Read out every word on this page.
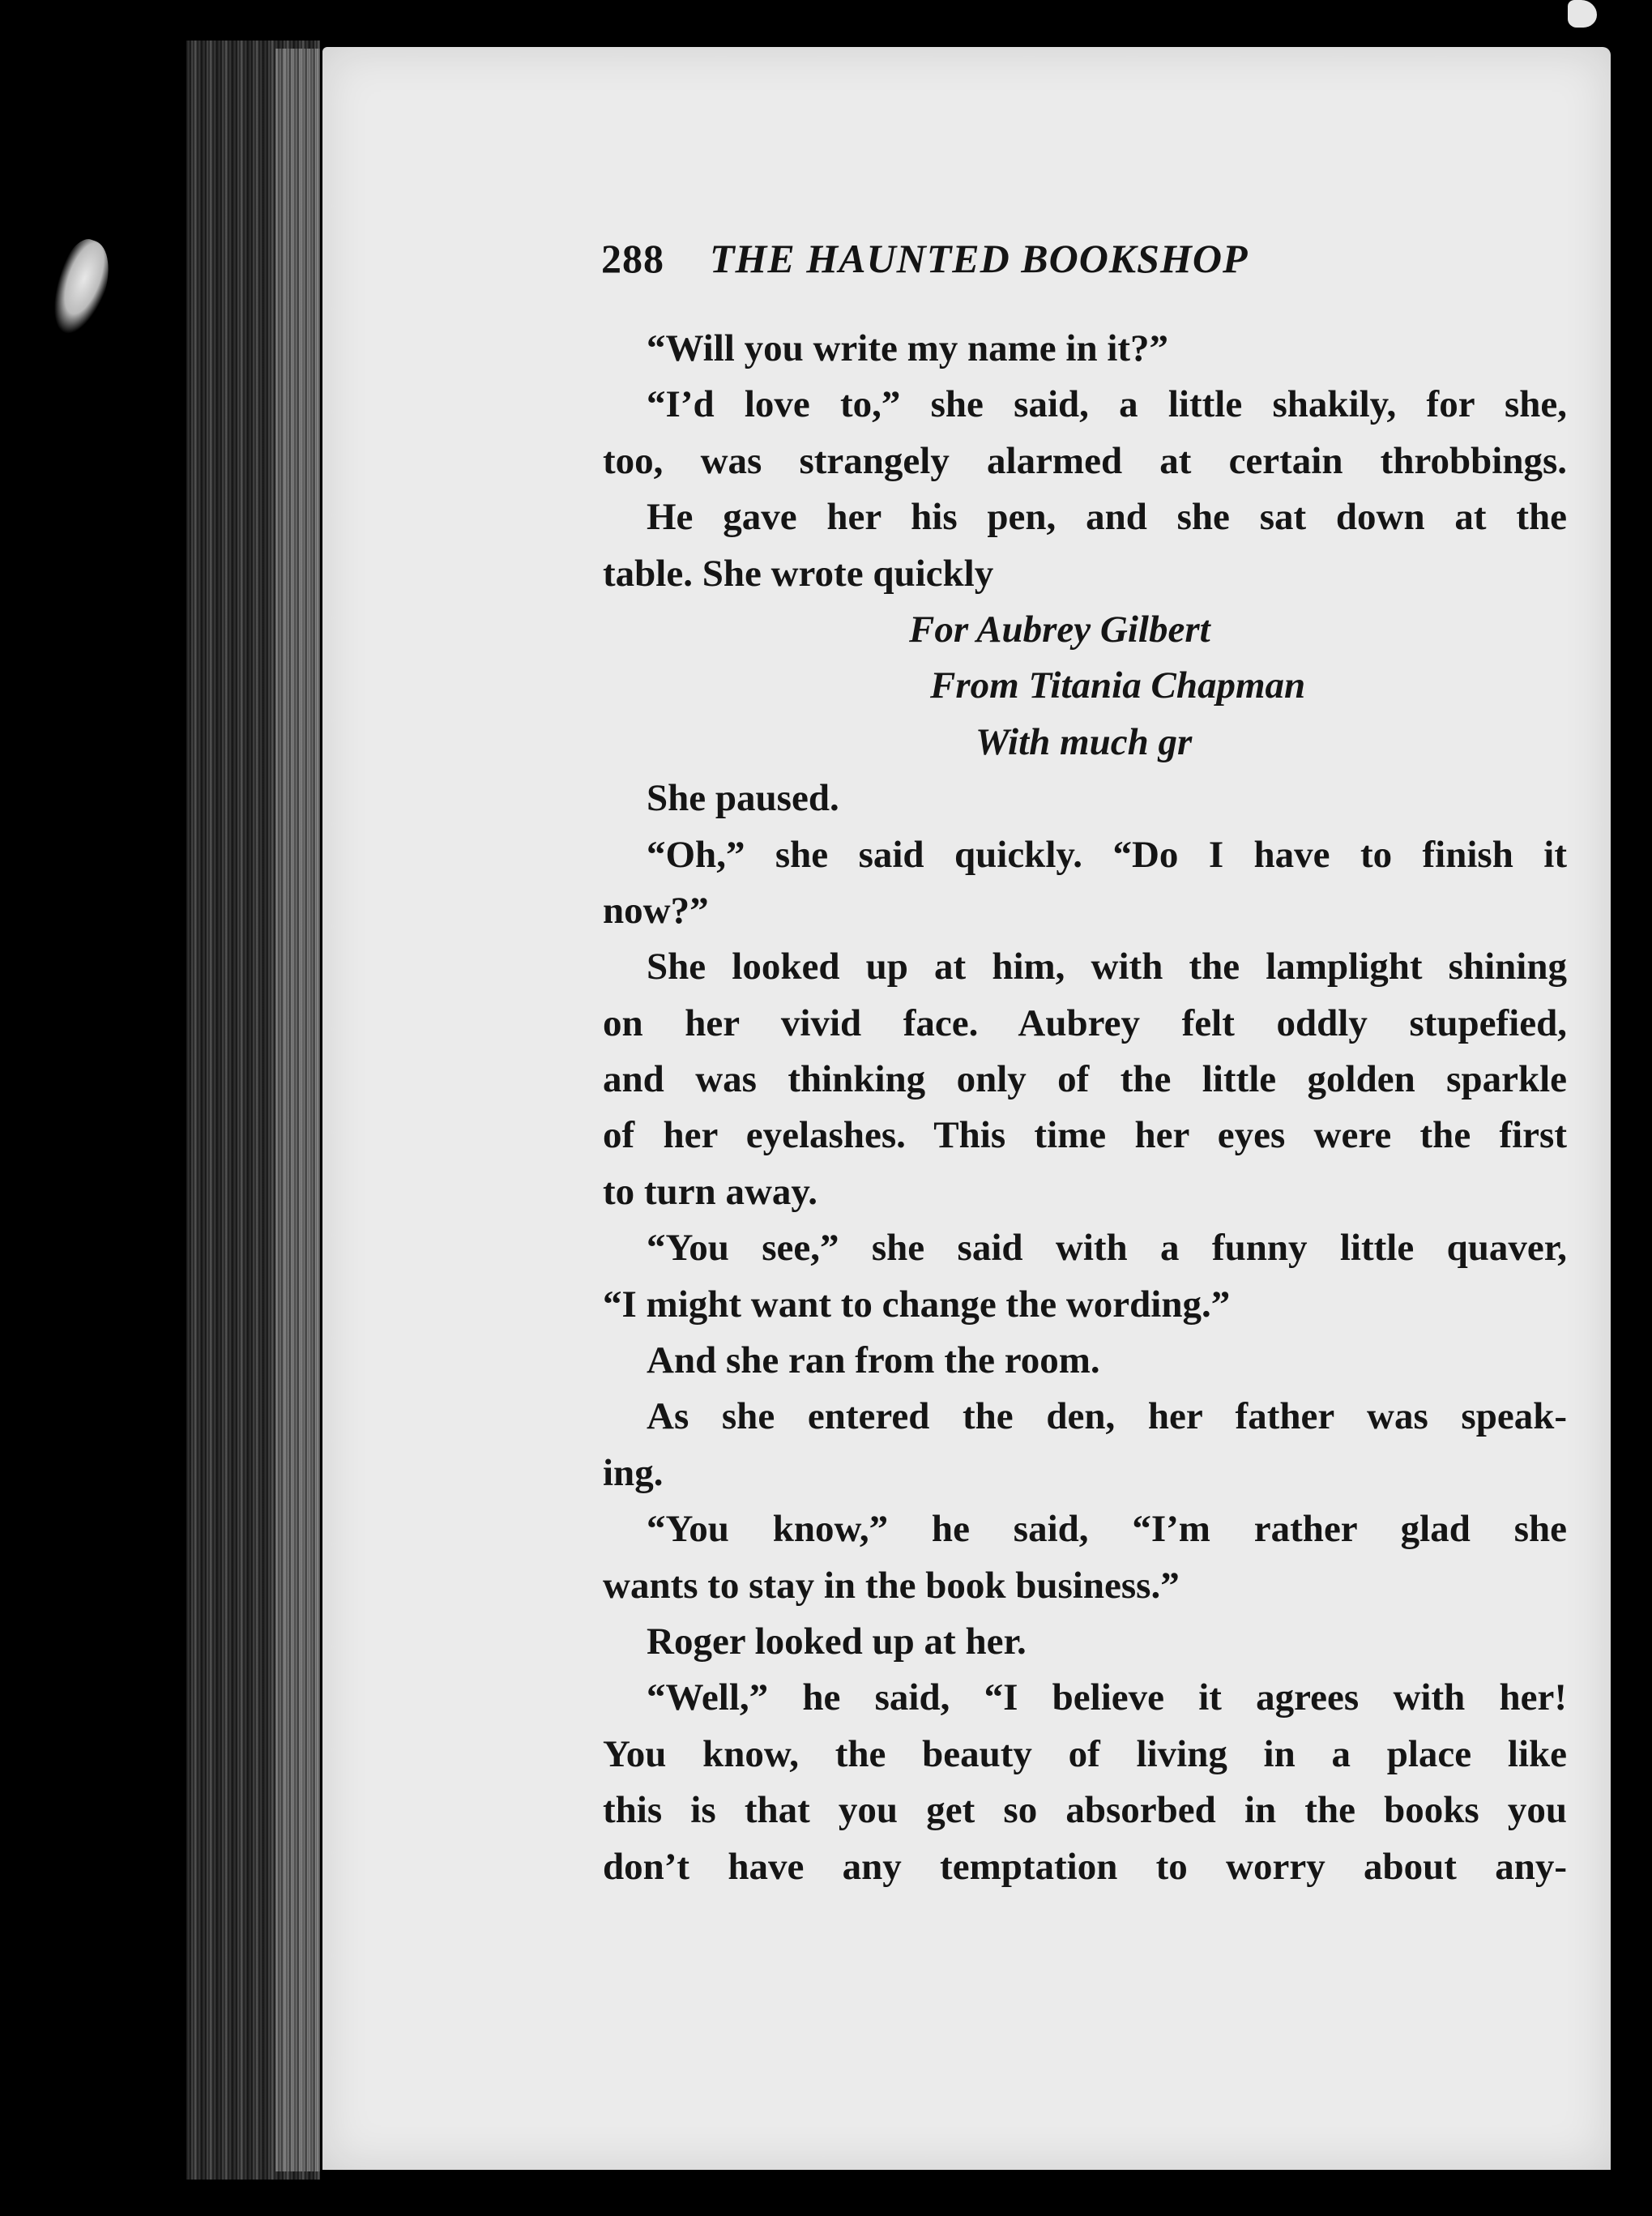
288 THE HAUNTED BOOKSHOP
“Will you write my name in it?”
“I’d love to,” she said, a little shakily, for she,
too, was strangely alarmed at certain throbbings.
He gave her his pen, and she sat down at the
table. She wrote quickly
For Aubrey Gilbert
From Titania Chapman
With much gr
She paused.
“Oh,” she said quickly. “Do I have to finish it
now?”
She looked up at him, with the lamplight shining
on her vivid face. Aubrey felt oddly stupefied,
and was thinking only of the little golden sparkle
of her eyelashes. This time her eyes were the first
to turn away.
“You see,” she said with a funny little quaver,
“I might want to change the wording.”
And she ran from the room.
As she entered the den, her father was speak-
ing.
“You know,” he said, “I’m rather glad she
wants to stay in the book business.”
Roger looked up at her.
“Well,” he said, “I believe it agrees with her!
You know, the beauty of living in a place like
this is that you get so absorbed in the books you
don’t have any temptation to worry about any-
